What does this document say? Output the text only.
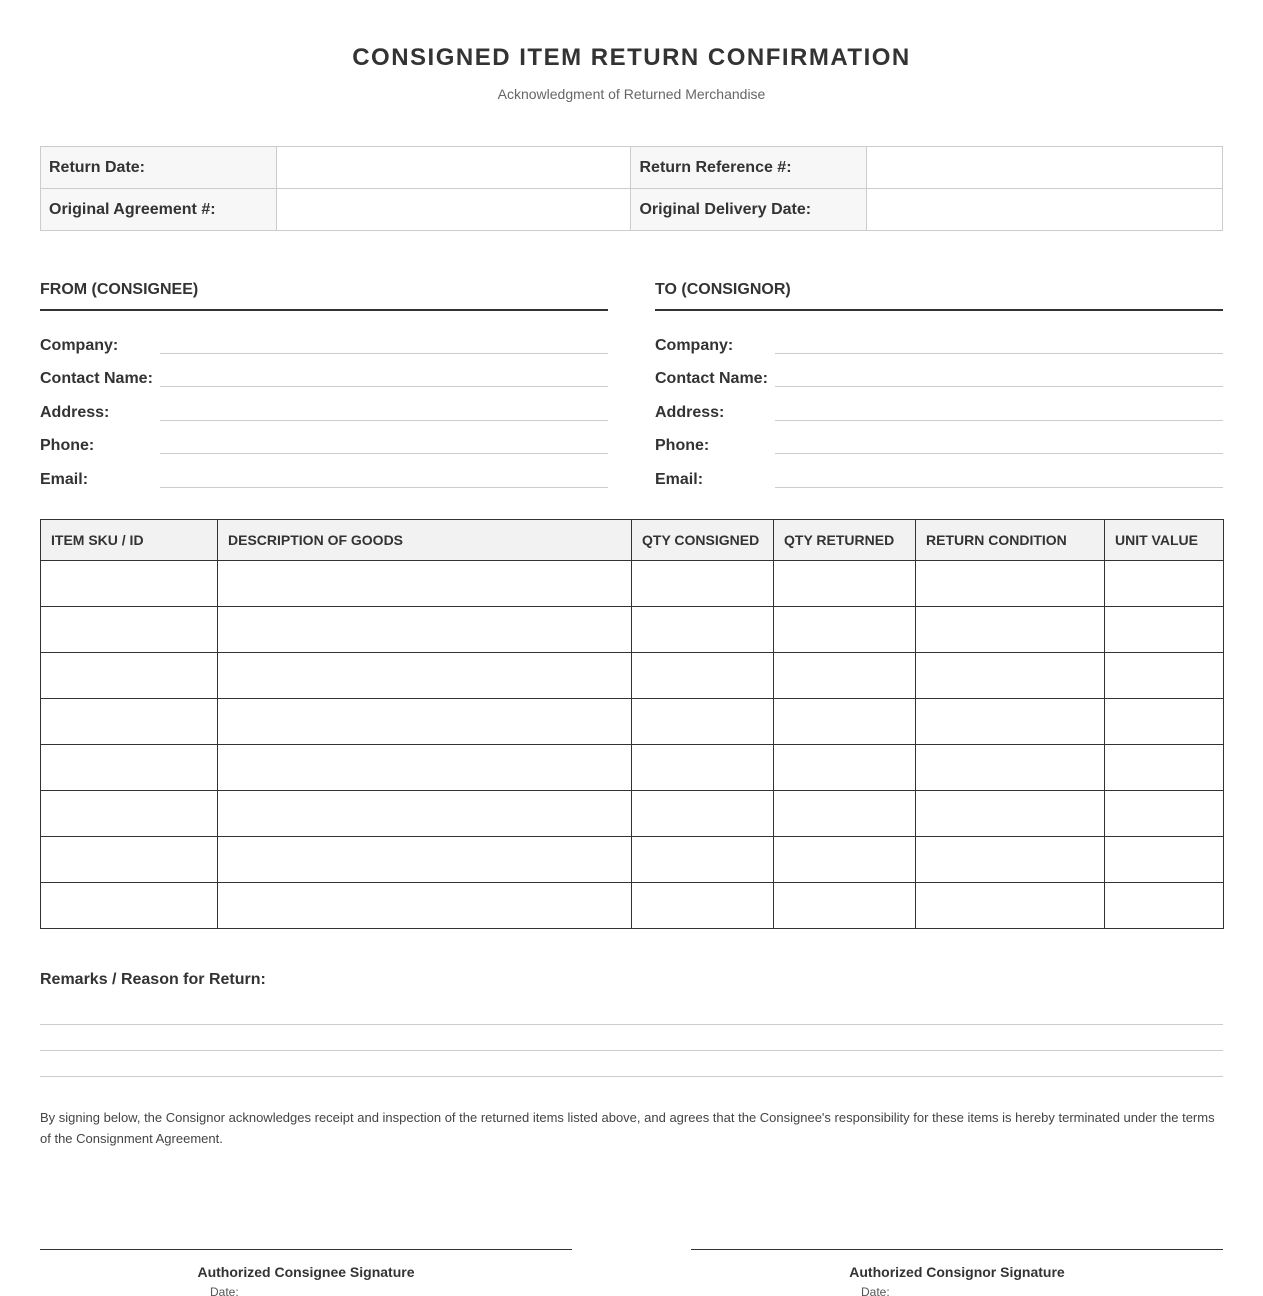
CONSIGNED ITEM RETURN CONFIRMATION
Acknowledgment of Returned Merchandise
Return Date:		Return Reference #:	
Original Agreement #:		Original Delivery Date:	
FROM (CONSIGNEE)
Company:
Contact Name:
Address:
Phone:
Email:
TO (CONSIGNOR)
Company:
Contact Name:
Address:
Phone:
Email:
ITEM SKU / ID	DESCRIPTION OF GOODS	QTY CONSIGNED	QTY RETURNED	RETURN CONDITION	UNIT VALUE

Remarks / Reason for Return:
By signing below, the Consignor acknowledges receipt and inspection of the returned items listed above, and agrees that the Consignee's responsibility for these items is hereby terminated under the terms of the Consignment Agreement.
Authorized Consignee Signature
Date:
Authorized Consignor Signature
Date:
